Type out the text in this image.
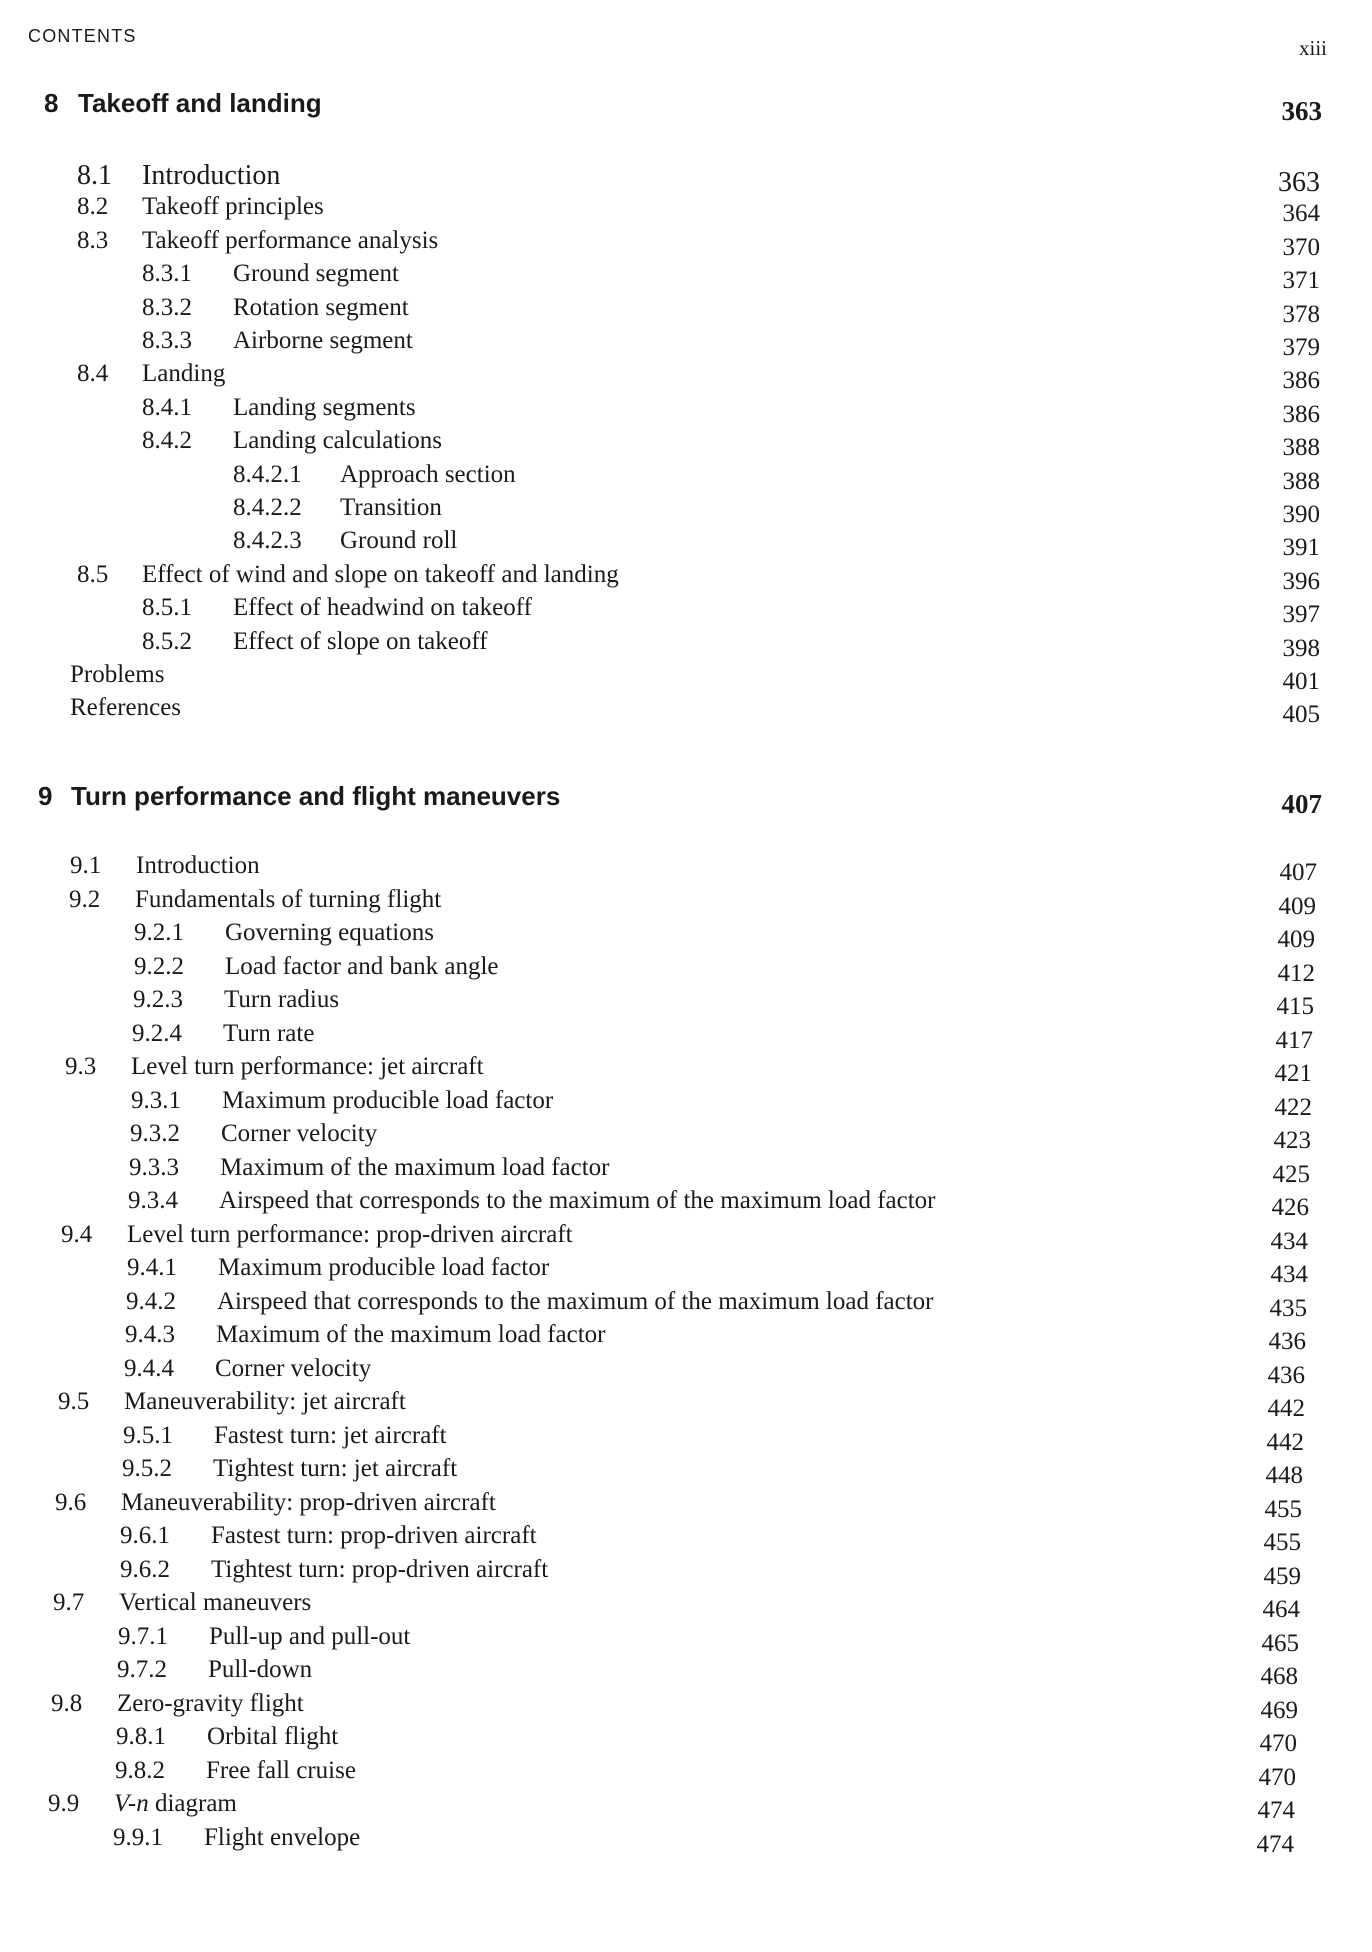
CONTENTS	xiii
8 Takeoff and landing	363
8.1 Introduction	363
8.2 Takeoff principles	364
8.3 Takeoff performance analysis	370
8.3.1 Ground segment	371
8.3.2 Rotation segment	378
8.3.3 Airborne segment	379
8.4 Landing	386
8.4.1 Landing segments	386
8.4.2 Landing calculations	388
8.4.2.1 Approach section	388
8.4.2.2 Transition	390
8.4.2.3 Ground roll	391
8.5 Effect of wind and slope on takeoff and landing	396
8.5.1 Effect of headwind on takeoff	397
8.5.2 Effect of slope on takeoff	398
Problems	401
References	405
9 Turn performance and flight maneuvers	407
9.1 Introduction	407
9.2 Fundamentals of turning flight	409
9.2.1 Governing equations	409
9.2.2 Load factor and bank angle	412
9.2.3 Turn radius	415
9.2.4 Turn rate	417
9.3 Level turn performance: jet aircraft	421
9.3.1 Maximum producible load factor	422
9.3.2 Corner velocity	423
9.3.3 Maximum of the maximum load factor	425
9.3.4 Airspeed that corresponds to the maximum of the maximum load factor	426
9.4 Level turn performance: prop-driven aircraft	434
9.4.1 Maximum producible load factor	434
9.4.2 Airspeed that corresponds to the maximum of the maximum load factor	435
9.4.3 Maximum of the maximum load factor	436
9.4.4 Corner velocity	436
9.5 Maneuverability: jet aircraft	442
9.5.1 Fastest turn: jet aircraft	442
9.5.2 Tightest turn: jet aircraft	448
9.6 Maneuverability: prop-driven aircraft	455
9.6.1 Fastest turn: prop-driven aircraft	455
9.6.2 Tightest turn: prop-driven aircraft	459
9.7 Vertical maneuvers	464
9.7.1 Pull-up and pull-out	465
9.7.2 Pull-down	468
9.8 Zero-gravity flight	469
9.8.1 Orbital flight	470
9.8.2 Free fall cruise	470
9.9 V-n diagram	474
9.9.1 Flight envelope	474
